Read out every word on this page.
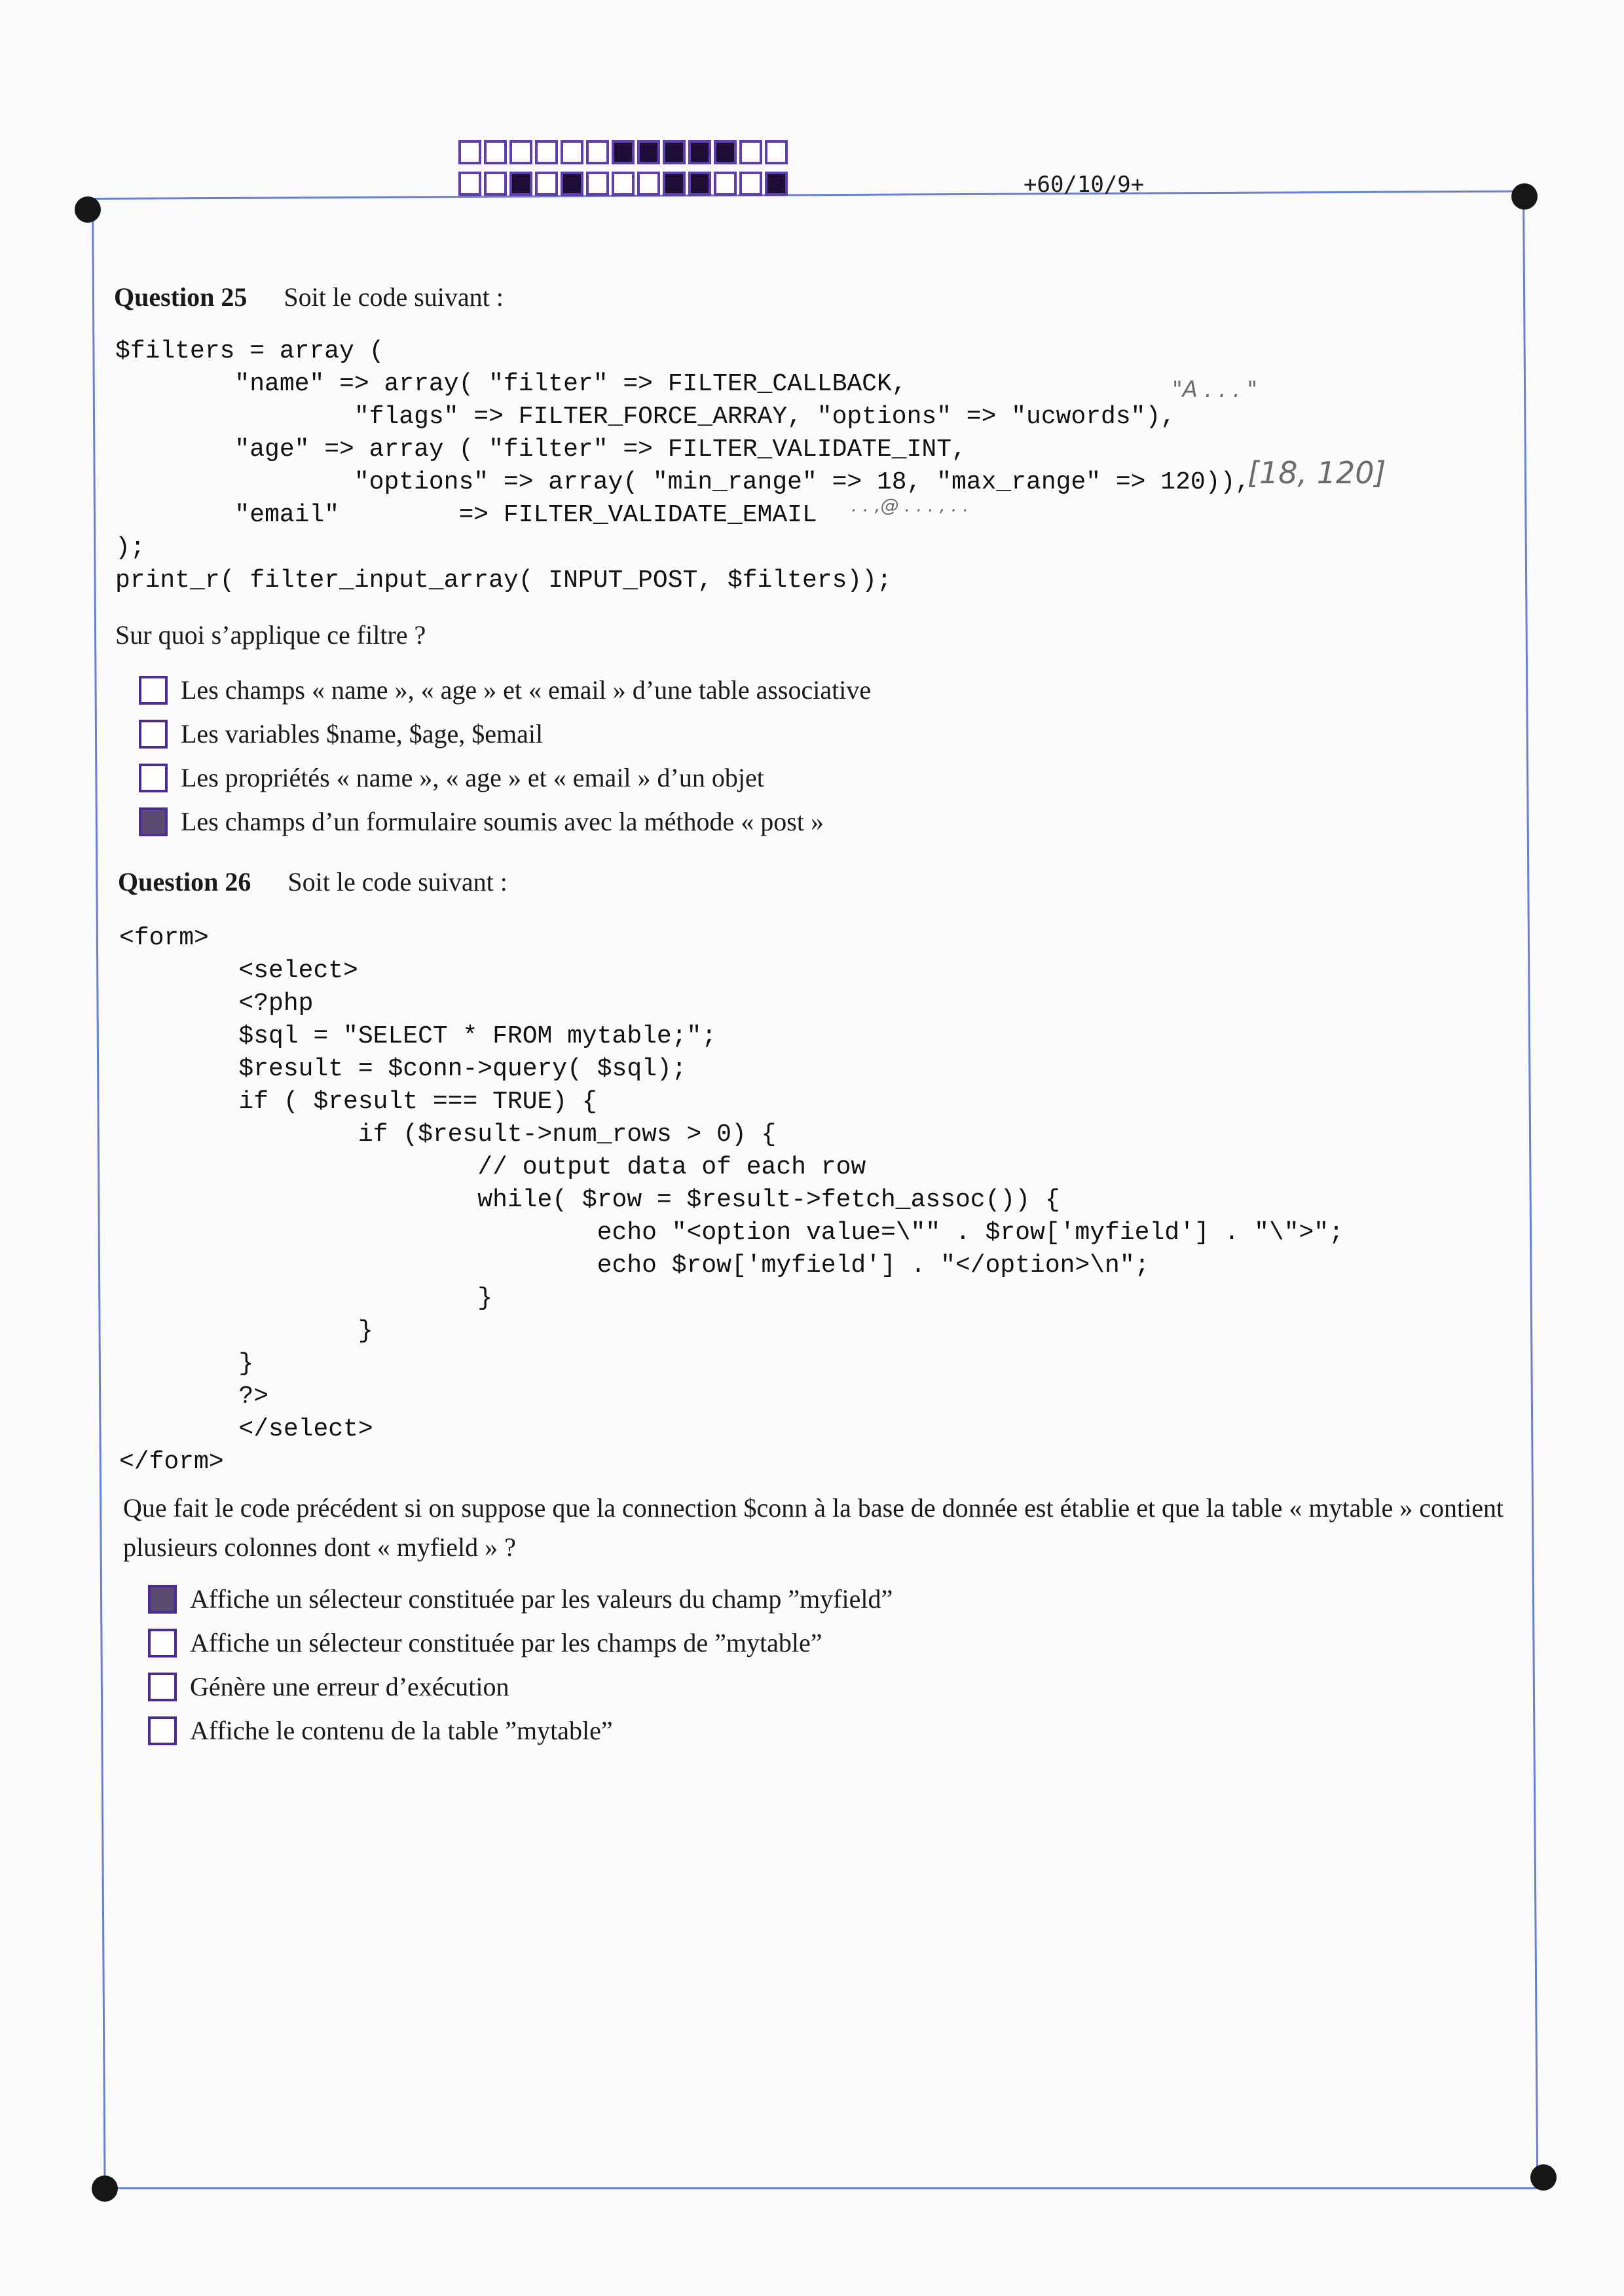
+60/10/9+
Question 25 Soit le code suivant :
$filters = array (
"name" => array( "filter" => FILTER_CALLBACK,
"flags" => FILTER_FORCE_ARRAY, "options" => "ucwords"),
"age" => array ( "filter" => FILTER_VALIDATE_INT,
"options" => array( "min_range" => 18, "max_range" => 120)),
"email"        => FILTER_VALIDATE_EMAIL
);
print_r( filter_input_array( INPUT_POST, $filters));
"A . . . "
[18, 120]
. . ,@ . . . , . .
Sur quoi s’applique ce filtre ?
Les champs « name », « age » et « email » d’une table associative
Les variables $name, $age, $email
Les propriétés « name », « age » et « email » d’un objet
Les champs d’un formulaire soumis avec la méthode « post »
Question 26 Soit le code suivant :
<form>
<select>
<?php
$sql = "SELECT * FROM mytable;";
$result = $conn->query( $sql);
if ( $result === TRUE) {
if ($result->num_rows > 0) {
// output data of each row
while( $row = $result->fetch_assoc()) {
echo "<option value=\"" . $row['myfield'] . "\">";
echo $row['myfield'] . "</option>\n";
}
}
}
?>
</select>
</form>
Que fait le code précédent si on suppose que la connection $conn à la base de donnée est établie et que la table « mytable » contient plusieurs colonnes dont « myfield » ?
Affiche un sélecteur constituée par les valeurs du champ ”myfield”
Affiche un sélecteur constituée par les champs de ”mytable”
Génère une erreur d’exécution
Affiche le contenu de la table ”mytable”
